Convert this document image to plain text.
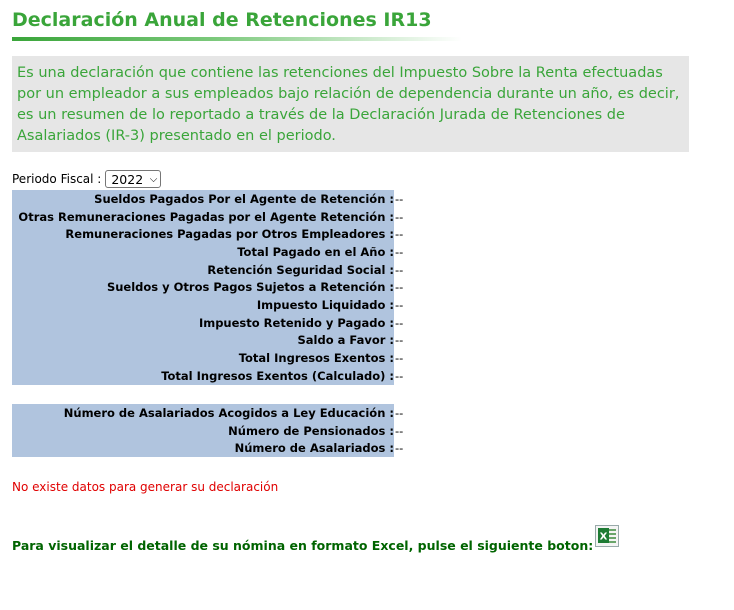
Declaración Anual de Retenciones IR13
Es una declaración que contiene las retenciones del Impuesto Sobre la Renta efectuadas por un empleador a sus empleados bajo relación de dependencia durante un año, es decir, es un resumen de lo reportado a través de la Declaración Jurada de Retenciones de Asalariados (IR-3) presentado en el periodo.
Periodo Fiscal : 2022 ⌵
Sueldos Pagados Por el Agente de Retención :	--
Otras Remuneraciones Pagadas por el Agente Retención :	--
Remuneraciones Pagadas por Otros Empleadores :	--
Total Pagado en el Año :	--
Retención Seguridad Social :	--
Sueldos y Otros Pagos Sujetos a Retención :	--
Impuesto Liquidado :	--
Impuesto Retenido y Pagado :	--
Saldo a Favor :	--
Total Ingresos Exentos :	--
Total Ingresos Exentos (Calculado) :	--
Número de Asalariados Acogidos a Ley Educación :	--
Número de Pensionados :	--
Número de Asalariados :	--
No existe datos para generar su declaración
Para visualizar el detalle de su nómina en formato Excel, pulse el siguiente boton:
X
